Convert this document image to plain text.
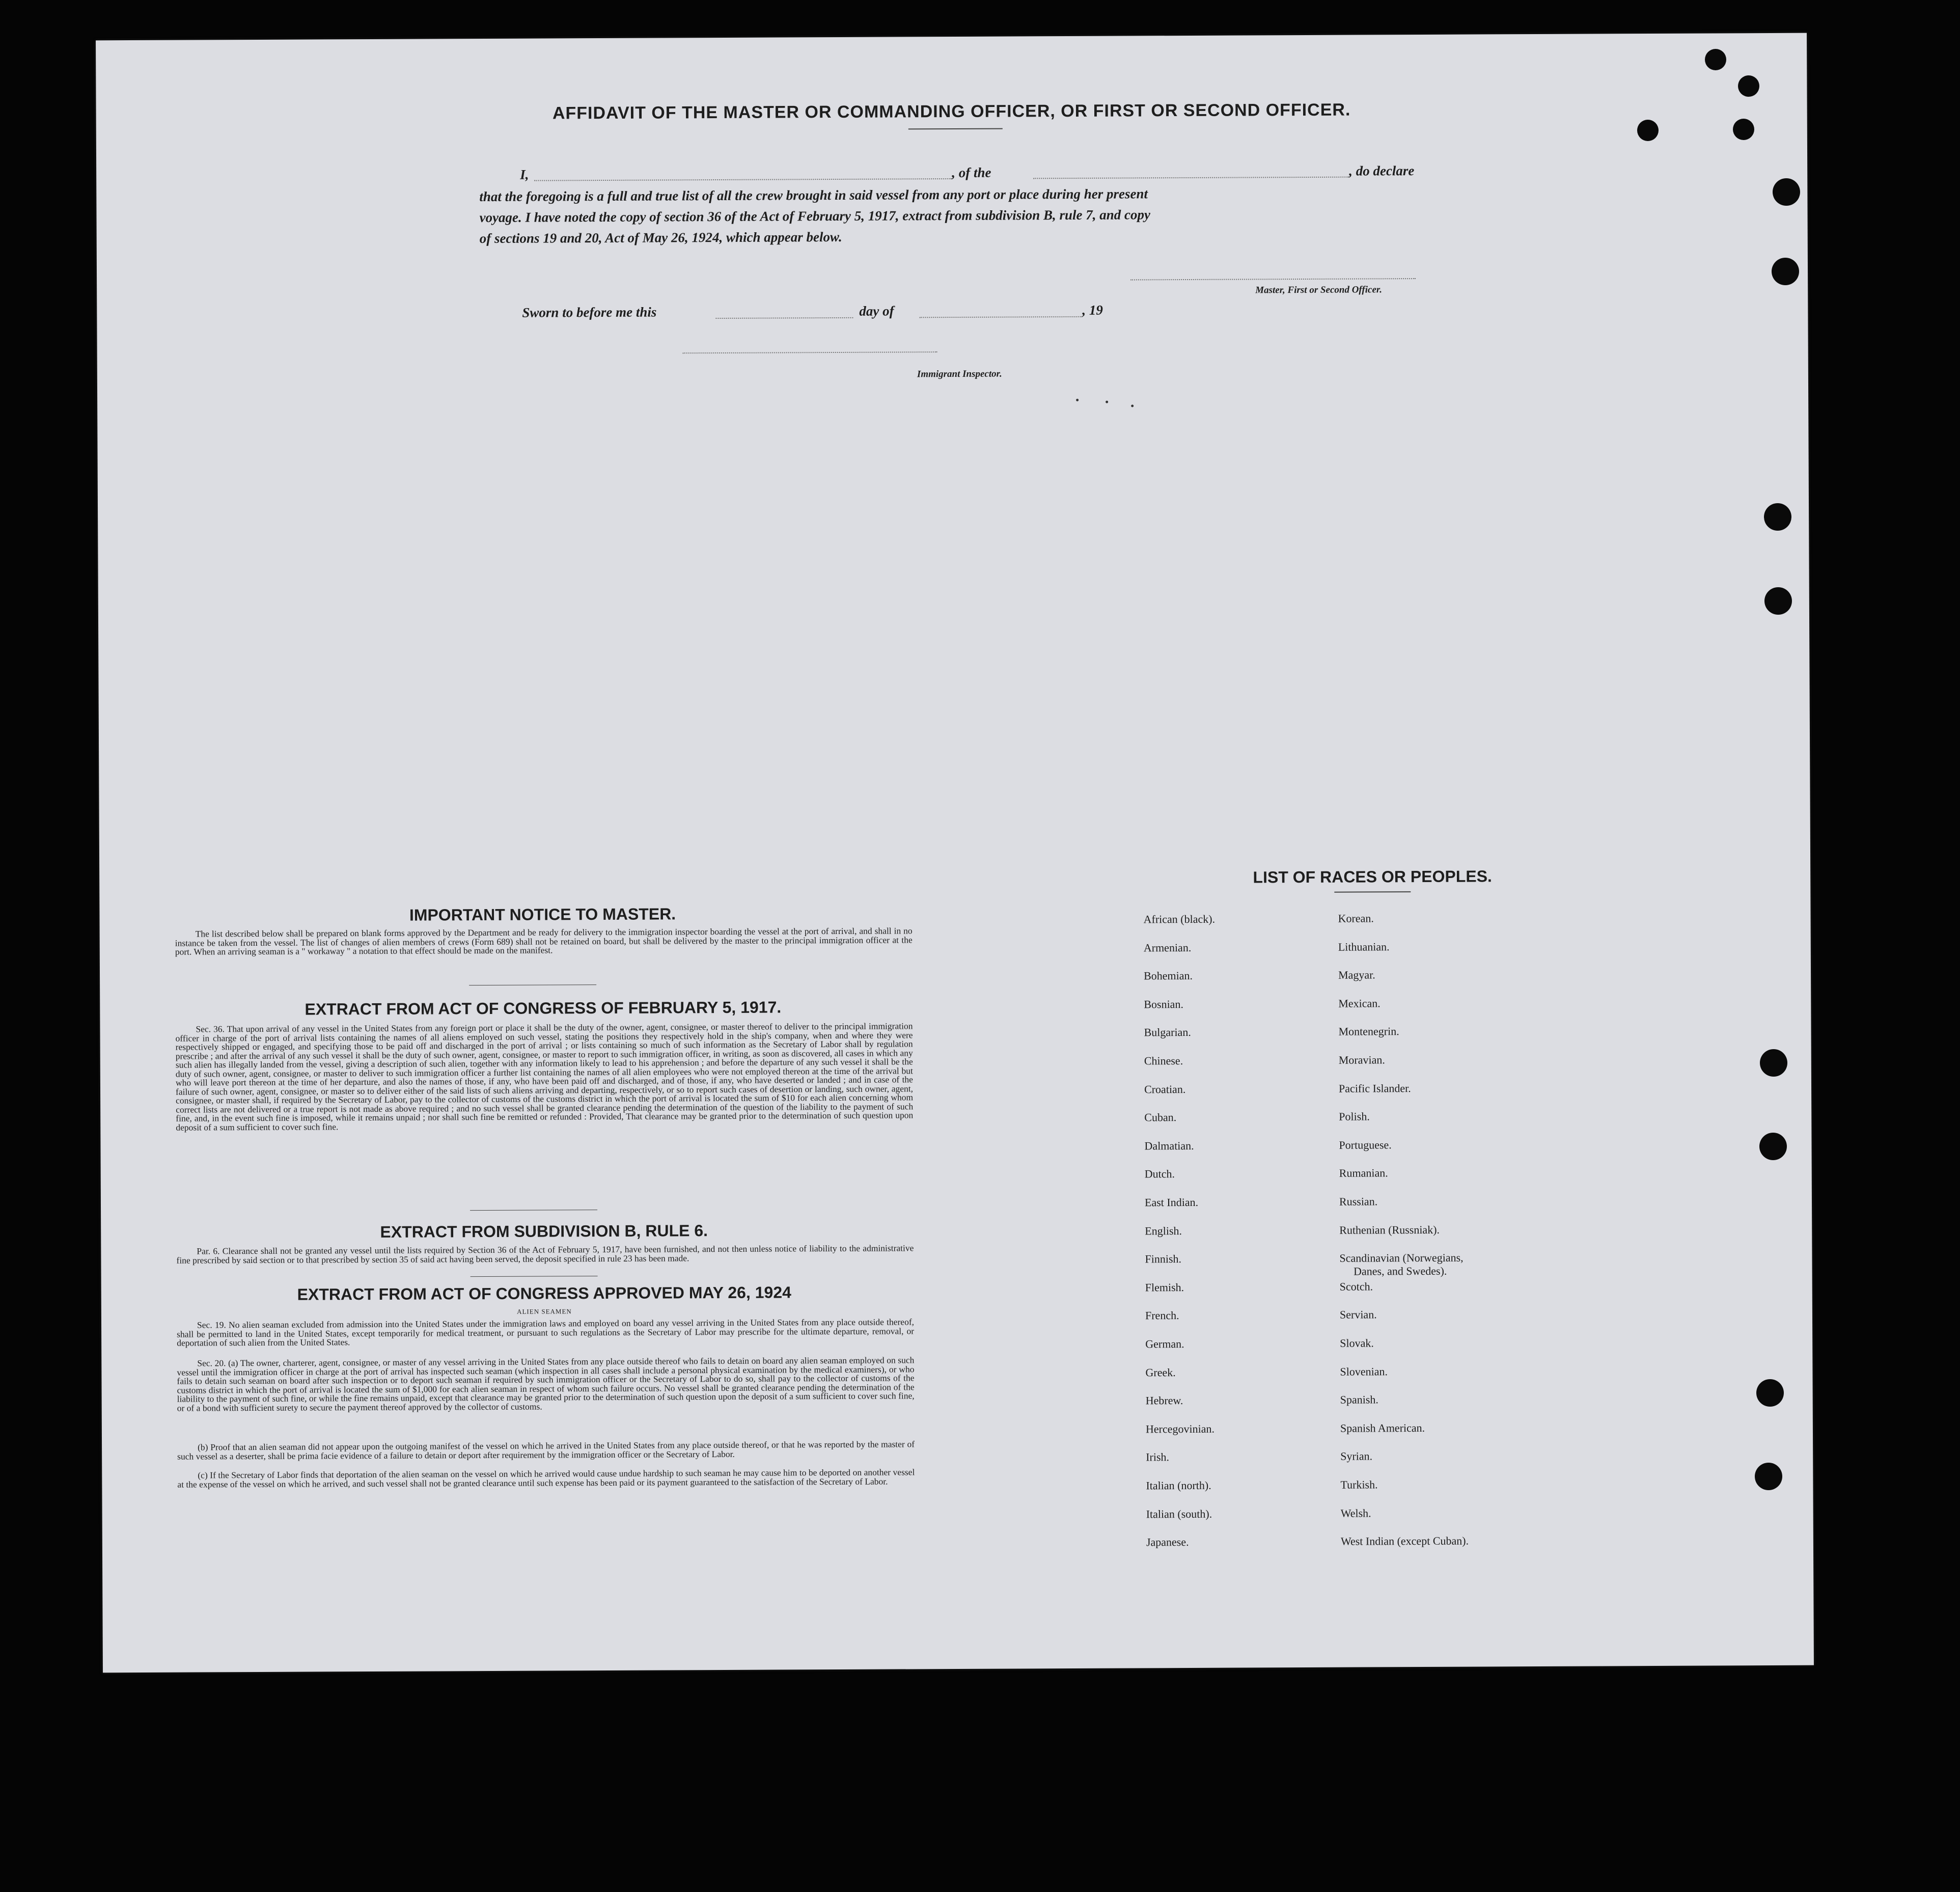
AFFIDAVIT OF THE MASTER OR COMMANDING OFFICER, OR FIRST OR SECOND OFFICER.
I,	, of the	, do declare
that the foregoing is a full and true list of all the crew brought in said vessel from any port or place during her present
voyage. I have noted the copy of section 36 of the Act of February 5, 1917, extract from subdivision B, rule 7, and copy
of sections 19 and 20, Act of May 26, 1924, which appear below.
Master, First or Second Officer.
Sworn to before me this	day of	, 19
Immigrant Inspector.
IMPORTANT NOTICE TO MASTER.
The list described below shall be prepared on blank forms approved by the Department and be ready for delivery to the immigration inspector boarding the vessel at the port of arrival, and shall in no instance be taken from the vessel. The list of changes of alien members of crews (Form 689) shall not be retained on board, but shall be delivered by the master to the principal immigration officer at the port. When an arriving seaman is a " workaway " a notation to that effect should be made on the manifest.
EXTRACT FROM ACT OF CONGRESS OF FEBRUARY 5, 1917.
Sec. 36. That upon arrival of any vessel in the United States from any foreign port or place it shall be the duty of the owner, agent, consignee, or master thereof to deliver to the principal immigration officer in charge of the port of arrival lists containing the names of all aliens employed on such vessel, stating the positions they respectively hold in the ship's company, when and where they were respectively shipped or engaged, and specifying those to be paid off and discharged in the port of arrival ; or lists containing so much of such information as the Secretary of Labor shall by regulation prescribe ; and after the arrival of any such vessel it shall be the duty of such owner, agent, consignee, or master to report to such immigration officer, in writing, as soon as discovered, all cases in which any such alien has illegally landed from the vessel, giving a description of such alien, together with any information likely to lead to his apprehension ; and before the departure of any such vessel it shall be the duty of such owner, agent, consignee, or master to deliver to such immigration officer a further list containing the names of all alien employees who were not employed thereon at the time of the arrival but who will leave port thereon at the time of her departure, and also the names of those, if any, who have been paid off and discharged, and of those, if any, who have deserted or landed ; and in case of the failure of such owner, agent, consignee, or master so to deliver either of the said lists of such aliens arriving and departing, respectively, or so to report such cases of desertion or landing, such owner, agent, consignee, or master shall, if required by the Secretary of Labor, pay to the collector of customs of the customs district in which the port of arrival is located the sum of $10 for each alien concerning whom correct lists are not delivered or a true report is not made as above required ; and no such vessel shall be granted clearance pending the determination of the question of the liability to the payment of such fine, and, in the event such fine is imposed, while it remains unpaid ; nor shall such fine be remitted or refunded : Provided, That clearance may be granted prior to the determination of such question upon deposit of a sum sufficient to cover such fine.
EXTRACT FROM SUBDIVISION B, RULE 6.
Par. 6. Clearance shall not be granted any vessel until the lists required by Section 36 of the Act of February 5, 1917, have been furnished, and not then unless notice of liability to the administrative fine prescribed by said section or to that prescribed by section 35 of said act having been served, the deposit specified in rule 23 has been made.
EXTRACT FROM ACT OF CONGRESS APPROVED MAY 26, 1924
ALIEN SEAMEN
Sec. 19. No alien seaman excluded from admission into the United States under the immigration laws and employed on board any vessel arriving in the United States from any place outside thereof, shall be permitted to land in the United States, except temporarily for medical treatment, or pursuant to such regulations as the Secretary of Labor may prescribe for the ultimate departure, removal, or deportation of such alien from the United States.
Sec. 20. (a) The owner, charterer, agent, consignee, or master of any vessel arriving in the United States from any place outside thereof who fails to detain on board any alien seaman employed on such vessel until the immigration officer in charge at the port of arrival has inspected such seaman (which inspection in all cases shall include a personal physical examination by the medical examiners), or who fails to detain such seaman on board after such inspection or to deport such seaman if required by such immigration officer or the Secretary of Labor to do so, shall pay to the collector of customs of the customs district in which the port of arrival is located the sum of $1,000 for each alien seaman in respect of whom such failure occurs. No vessel shall be granted clearance pending the determination of the liability to the payment of such fine, or while the fine remains unpaid, except that clearance may be granted prior to the determination of such question upon the deposit of a sum sufficient to cover such fine, or of a bond with sufficient surety to secure the payment thereof approved by the collector of customs.
(b) Proof that an alien seaman did not appear upon the outgoing manifest of the vessel on which he arrived in the United States from any place outside thereof, or that he was reported by the master of such vessel as a deserter, shall be prima facie evidence of a failure to detain or deport after requirement by the immigration officer or the Secretary of Labor.
(c) If the Secretary of Labor finds that deportation of the alien seaman on the vessel on which he arrived would cause undue hardship to such seaman he may cause him to be deported on another vessel at the expense of the vessel on which he arrived, and such vessel shall not be granted clearance until such expense has been paid or its payment guaranteed to the satisfaction of the Secretary of Labor.
LIST OF RACES OR PEOPLES.
African (black).
Armenian.
Bohemian.
Bosnian.
Bulgarian.
Chinese.
Croatian.
Cuban.
Dalmatian.
Dutch.
East Indian.
English.
Finnish.
Flemish.
French.
German.
Greek.
Hebrew.
Hercegovinian.
Irish.
Italian (north).
Italian (south).
Japanese.
Korean.
Lithuanian.
Magyar.
Mexican.
Montenegrin.
Moravian.
Pacific Islander.
Polish.
Portuguese.
Rumanian.
Russian.
Ruthenian (Russniak).
Scandinavian (Norwegians,
Danes, and Swedes).
Scotch.
Servian.
Slovak.
Slovenian.
Spanish.
Spanish American.
Syrian.
Turkish.
Welsh.
West Indian (except Cuban).
